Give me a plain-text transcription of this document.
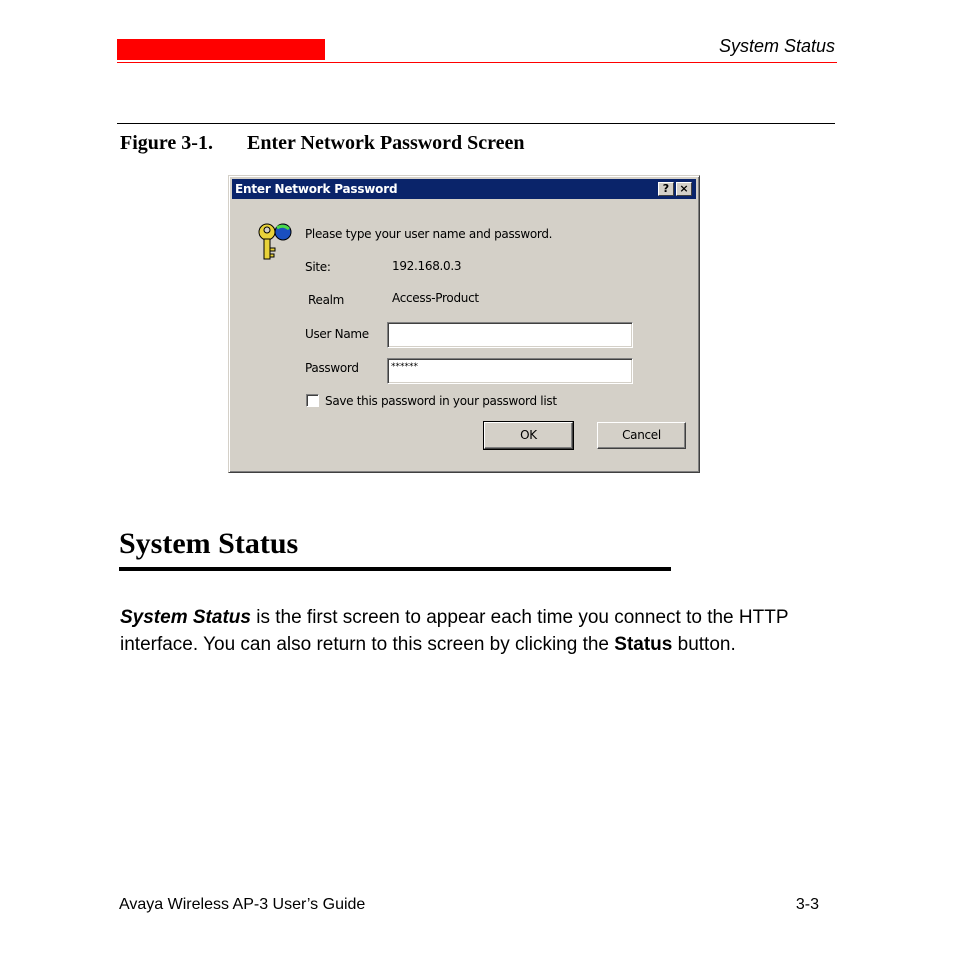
System Status
Figure 3-1. Enter Network Password Screen
Enter Network Password	? ×
Please type your user name and password.
Site:	192.168.0.3
Realm	Access-Product
User Name
Password	******
Save this password in your password list
OK	Cancel
System Status
System Status is the first screen to appear each time you connect to the HTTP interface. You can also return to this screen by clicking the Status button.
Avaya Wireless AP-3 User’s Guide	3-3
